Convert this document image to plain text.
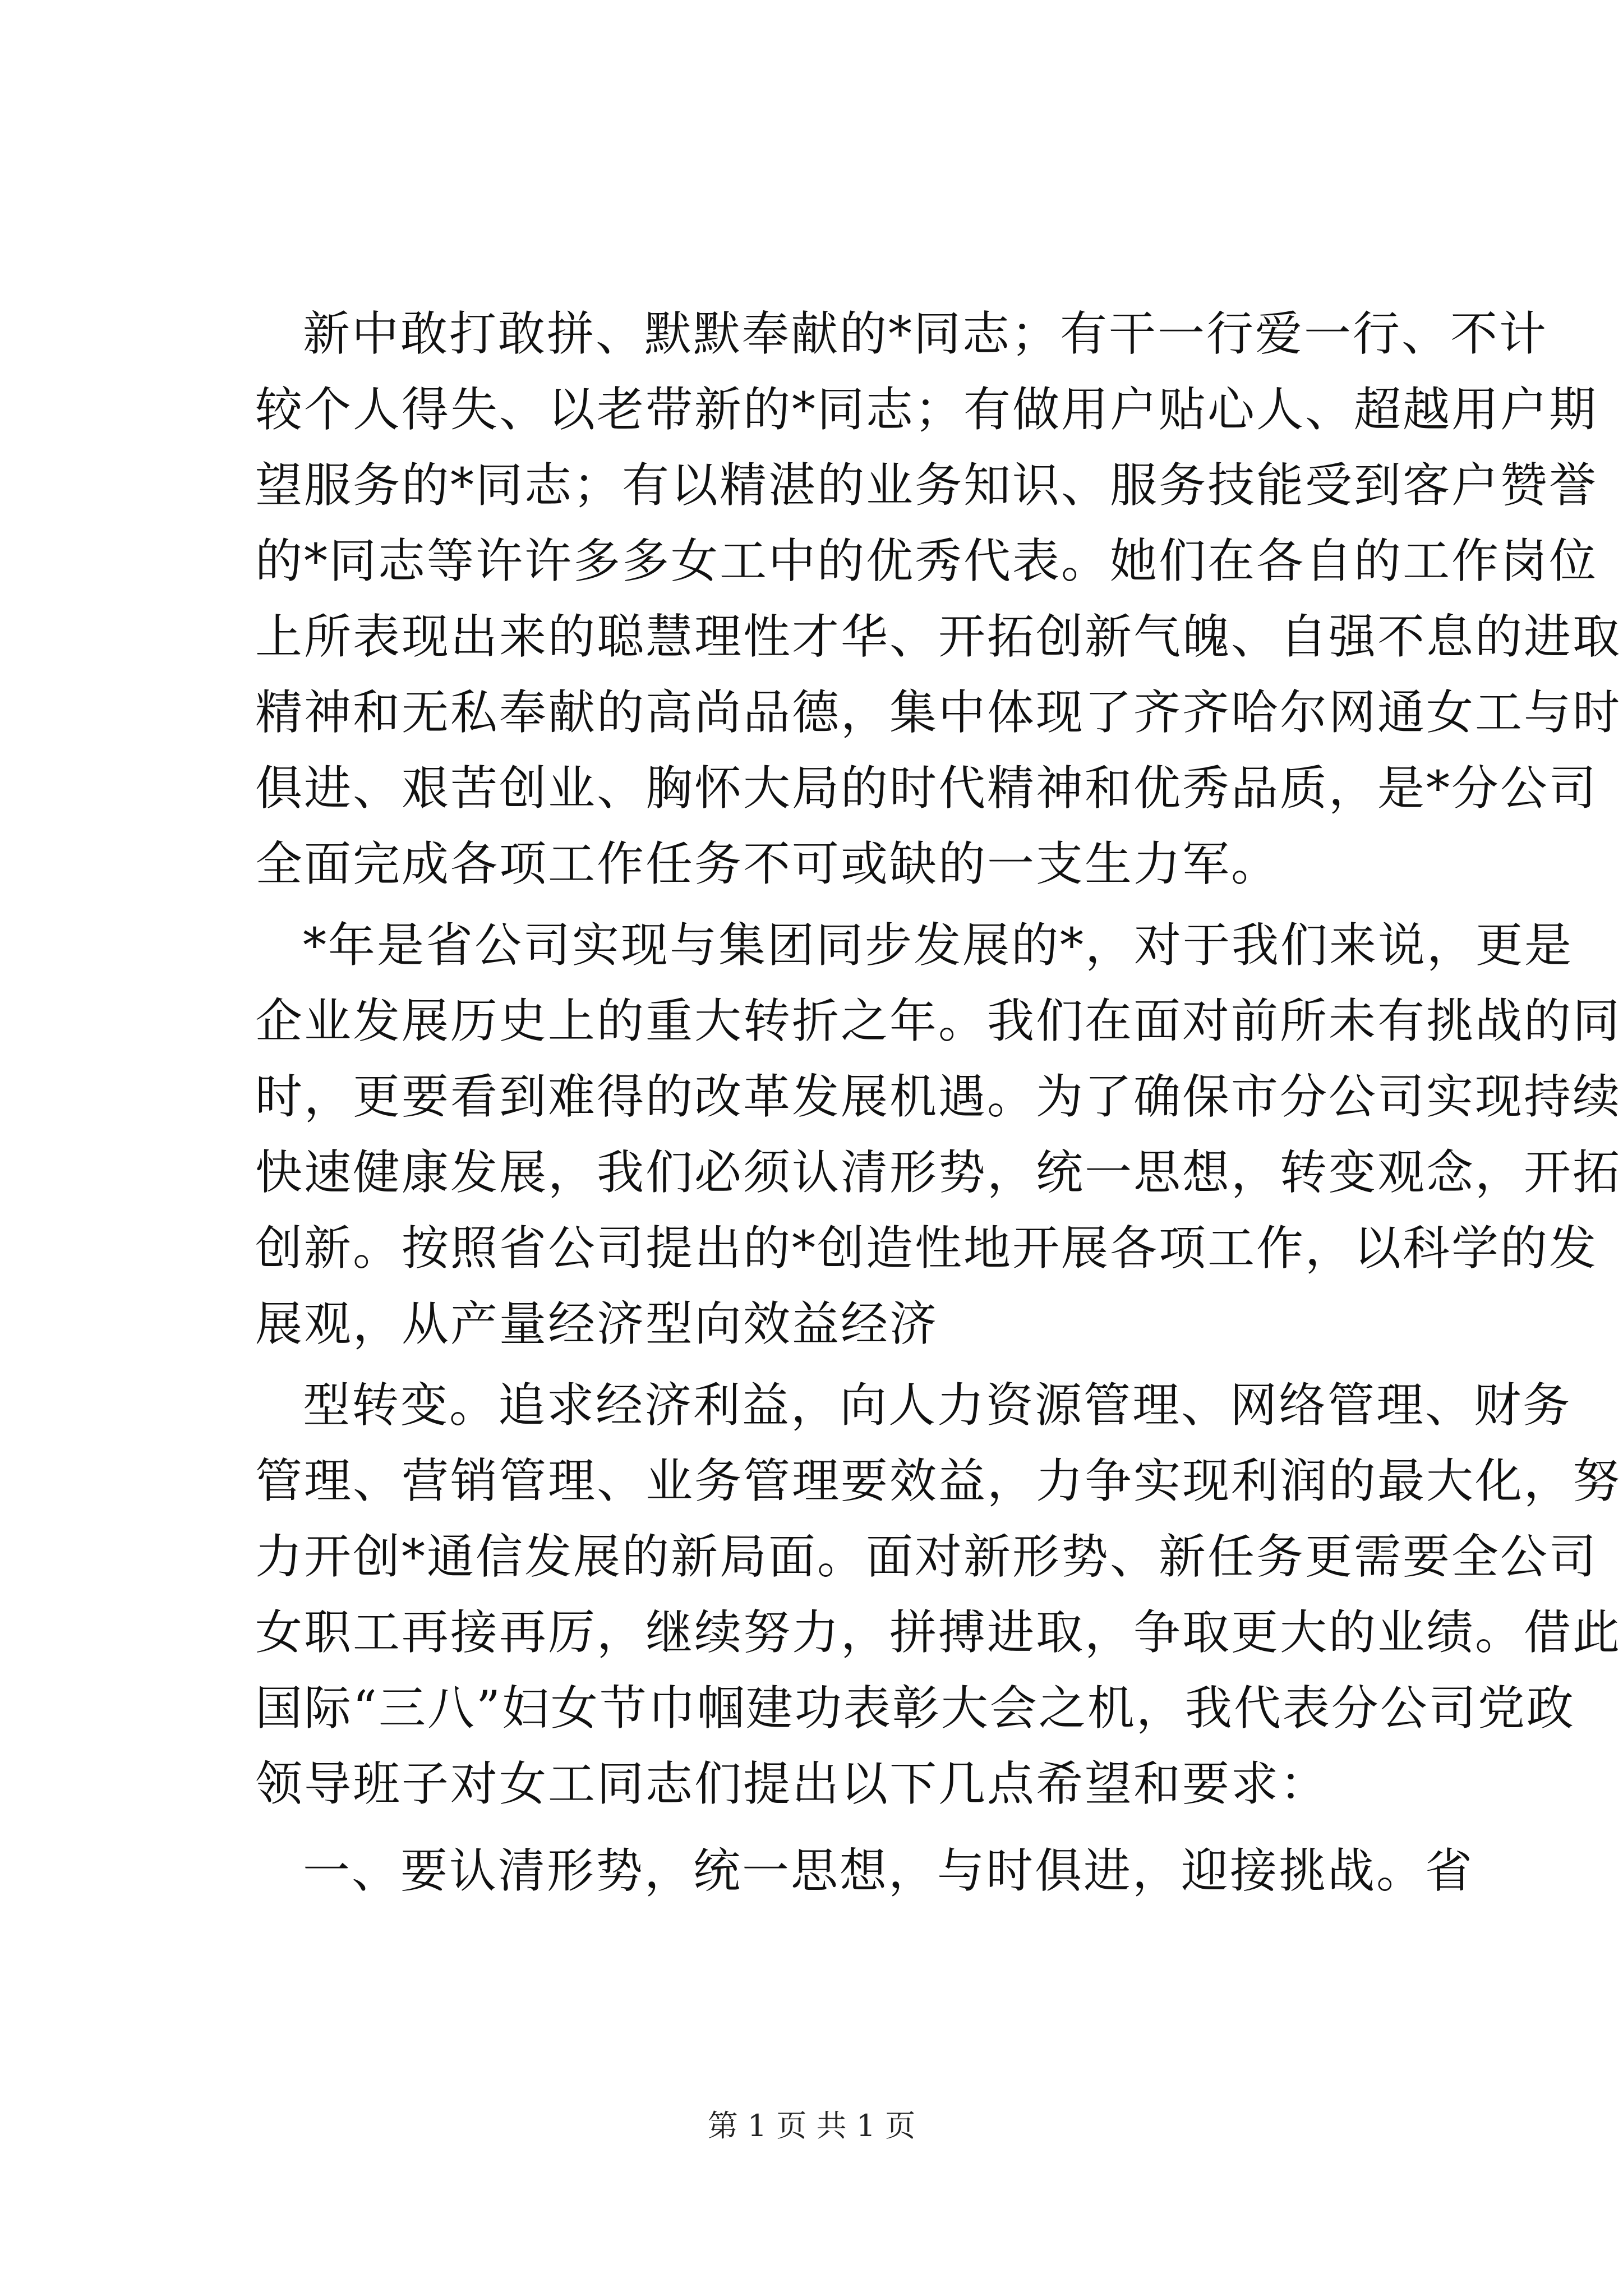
新中敢打敢拼、默默奉献的*同志；有干一行爱一行、不计
较个人得失、以老带新的*同志；有做用户贴心人、超越用户期
望服务的*同志；有以精湛的业务知识、服务技能受到客户赞誉
的*同志等许许多多女工中的优秀代表。她们在各自的工作岗位
上所表现出来的聪慧理性才华、开拓创新气魄、自强不息的进取
精神和无私奉献的高尚品德，集中体现了齐齐哈尔网通女工与时
俱进、艰苦创业、胸怀大局的时代精神和优秀品质，是*分公司
全面完成各项工作任务不可或缺的一支生力军。
*年是省公司实现与集团同步发展的*，对于我们来说，更是
企业发展历史上的重大转折之年。我们在面对前所未有挑战的同
时，更要看到难得的改革发展机遇。为了确保市分公司实现持续
快速健康发展，我们必须认清形势，统一思想，转变观念，开拓
创新。按照省公司提出的*创造性地开展各项工作，以科学的发
展观，从产量经济型向效益经济
型转变。追求经济利益，向人力资源管理、网络管理、财务
管理、营销管理、业务管理要效益，力争实现利润的最大化，努
力开创*通信发展的新局面。面对新形势、新任务更需要全公司
女职工再接再厉，继续努力，拼搏进取，争取更大的业绩。借此
国际“三八”妇女节巾帼建功表彰大会之机，我代表分公司党政
领导班子对女工同志们提出以下几点希望和要求：
一、要认清形势，统一思想，与时俱进，迎接挑战。省
第 1 页 共 1 页
